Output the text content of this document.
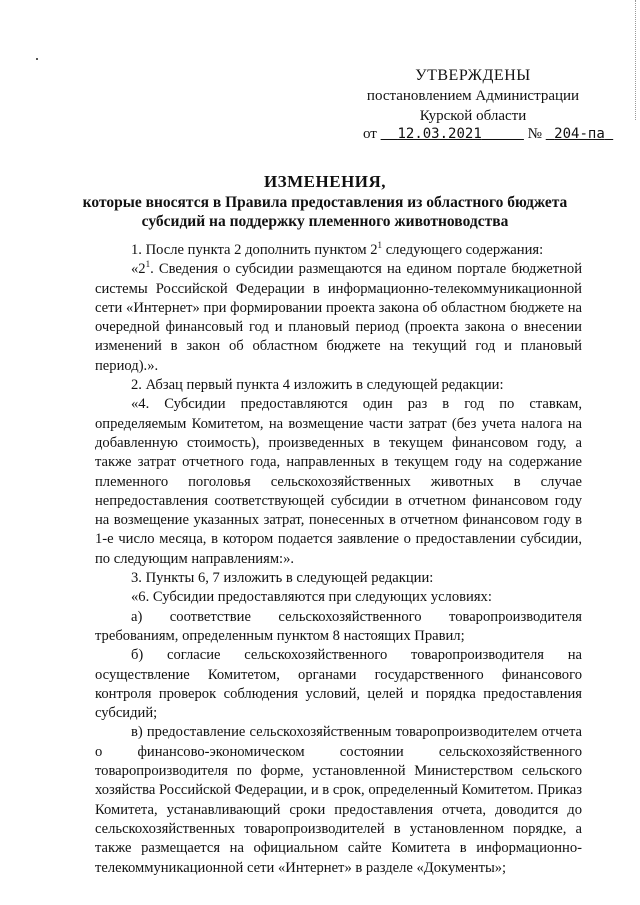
УТВЕРЖДЕНЫ
постановлением Администрации
Курской области
от 12.03.2021	№ 204-па
ИЗМЕНЕНИЯ,
которые вносятся в Правила предоставления из областного бюджета
субсидий на поддержку племенного животноводства

1. После пункта 2 дополнить пунктом $2^1$ следующего содержания:

«$2^1$. Сведения о субсидии размещаются на едином портале бюджетной системы Российской Федерации в информационно-телекоммуникационной сети «Интернет» при формировании проекта закона об областном бюджете на очередной финансовый год и плановый период (проекта закона о внесении изменений в закон об областном бюджете на текущий год и плановый период).».

2. Абзац первый пункта 4 изложить в следующей редакции:

«4. Субсидии предоставляются один раз в год по ставкам, определяемым Комитетом, на возмещение части затрат (без учета налога на добавленную стоимость), произведенных в текущем финансовом году, а также затрат отчетного года, направленных в текущем году на содержание племенного поголовья сельскохозяйственных животных в случае непредоставления соответствующей субсидии в отчетном финансовом году на возмещение указанных затрат, понесенных в отчетном финансовом году в 1-е число месяца, в котором подается заявление о предоставлении субсидии, по следующим направлениям:».

3. Пункты 6, 7 изложить в следующей редакции:

«6. Субсидии предоставляются при следующих условиях:

а) соответствие сельскохозяйственного товаропроизводителя требованиям, определенным пунктом 8 настоящих Правил;

б) согласие сельскохозяйственного товаропроизводителя на осуществление Комитетом, органами государственного финансового контроля проверок соблюдения условий, целей и порядка предоставления субсидий;

в) предоставление сельскохозяйственным товаропроизводителем отчета о финансово-экономическом состоянии сельскохозяйственного товаропроизводителя по форме, установленной Министерством сельского хозяйства Российской Федерации, и в срок, определенный Комитетом. Приказ Комитета, устанавливающий сроки предоставления отчета, доводится до сельскохозяйственных товаропроизводителей в установленном порядке, а также размещается на официальном сайте Комитета в информационно-телекоммуникационной сети «Интернет» в разделе «Документы»;
